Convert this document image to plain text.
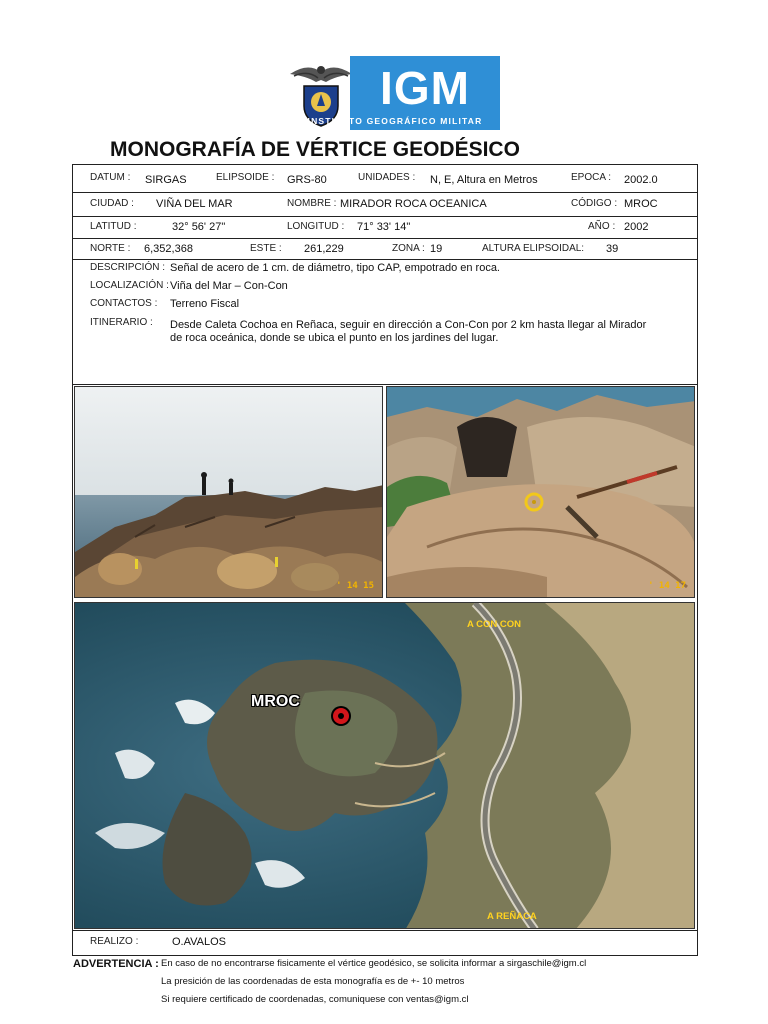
IGM
INSTITUTO GEOGRÁFICO MILITAR
MONOGRAFÍA DE VÉRTICE GEODÉSICO
DATUM : SIRGAS	ELIPSOIDE : GRS-80	UNIDADES : N, E, Altura en Metros	EPOCA : 2002.0
CIUDAD : VIÑA DEL MAR	NOMBRE : MIRADOR ROCA OCEANICA	CÓDIGO : MROC
LATITUD :	32° 56' 27"	LONGITUD : 71° 33' 14"	AÑO : 2002
NORTE : 6,352,368	ESTE : 261,229	ZONA : 19	ALTURA ELIPSOIDAL: 39
DESCRIPCIÓN : Señal de acero de 1 cm. de diámetro, tipo CAP, empotrado en roca.
LOCALIZACIÓN : Viña del Mar – Con-Con
CONTACTOS : Terreno Fiscal
ITINERARIO : Desde Caleta Cochoa en Reñaca, seguir en dirección a Con-Con por 2 km hasta llegar al Mirador
de roca oceánica, donde se ubica el punto en los jardines del lugar.
' 14 15	' 14 17
A CON CON
A REÑACA
MROC
REALIZO :	O.AVALOS
ADVERTENCIA : En caso de no encontrarse fisicamente el vértice geodésico, se solicita informar a sirgaschile@igm.cl
La presición de las coordenadas de esta monografía es de +- 10 metros
Si requiere certificado de coordenadas, comuniquese con ventas@igm.cl
